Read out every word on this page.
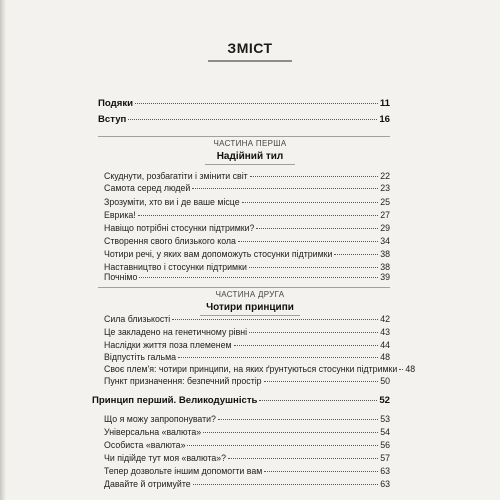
ЗМІСТ
Подяки	11
Вступ	16
ЧАСТИНА ПЕРША
Надійний тил
Скуднути, розбагатіти і змінити світ	22
Самота серед людей	23
Зрозуміти, хто ви і де ваше місце	25
Еврика!	27
Навіщо потрібні стосунки підтримки?	29
Створення свого близького кола	34
Чотири речі, у яких вам допоможуть стосунки підтримки	38
Наставництво і стосунки підтримки	38
Почнімо	39
ЧАСТИНА ДРУГА
Чотири принципи
Сила близькості	42
Це закладено на генетичному рівні	43
Наслідки життя поза племенем	44
Відпустіть гальма	48
Своє плем'я: чотири принципи, на яких ґрунтуються стосунки підтримки 48
Пункт призначення: безпечний простір	50
Принцип перший. Великодушність	52
Що я можу запропонувати?	53
Універсальна «валюта»	54
Особиста «валюта»	56
Чи підійде тут моя «валюта»?	57
Тепер дозвольте іншим допомогти вам	63
Давайте й отримуйте	63
